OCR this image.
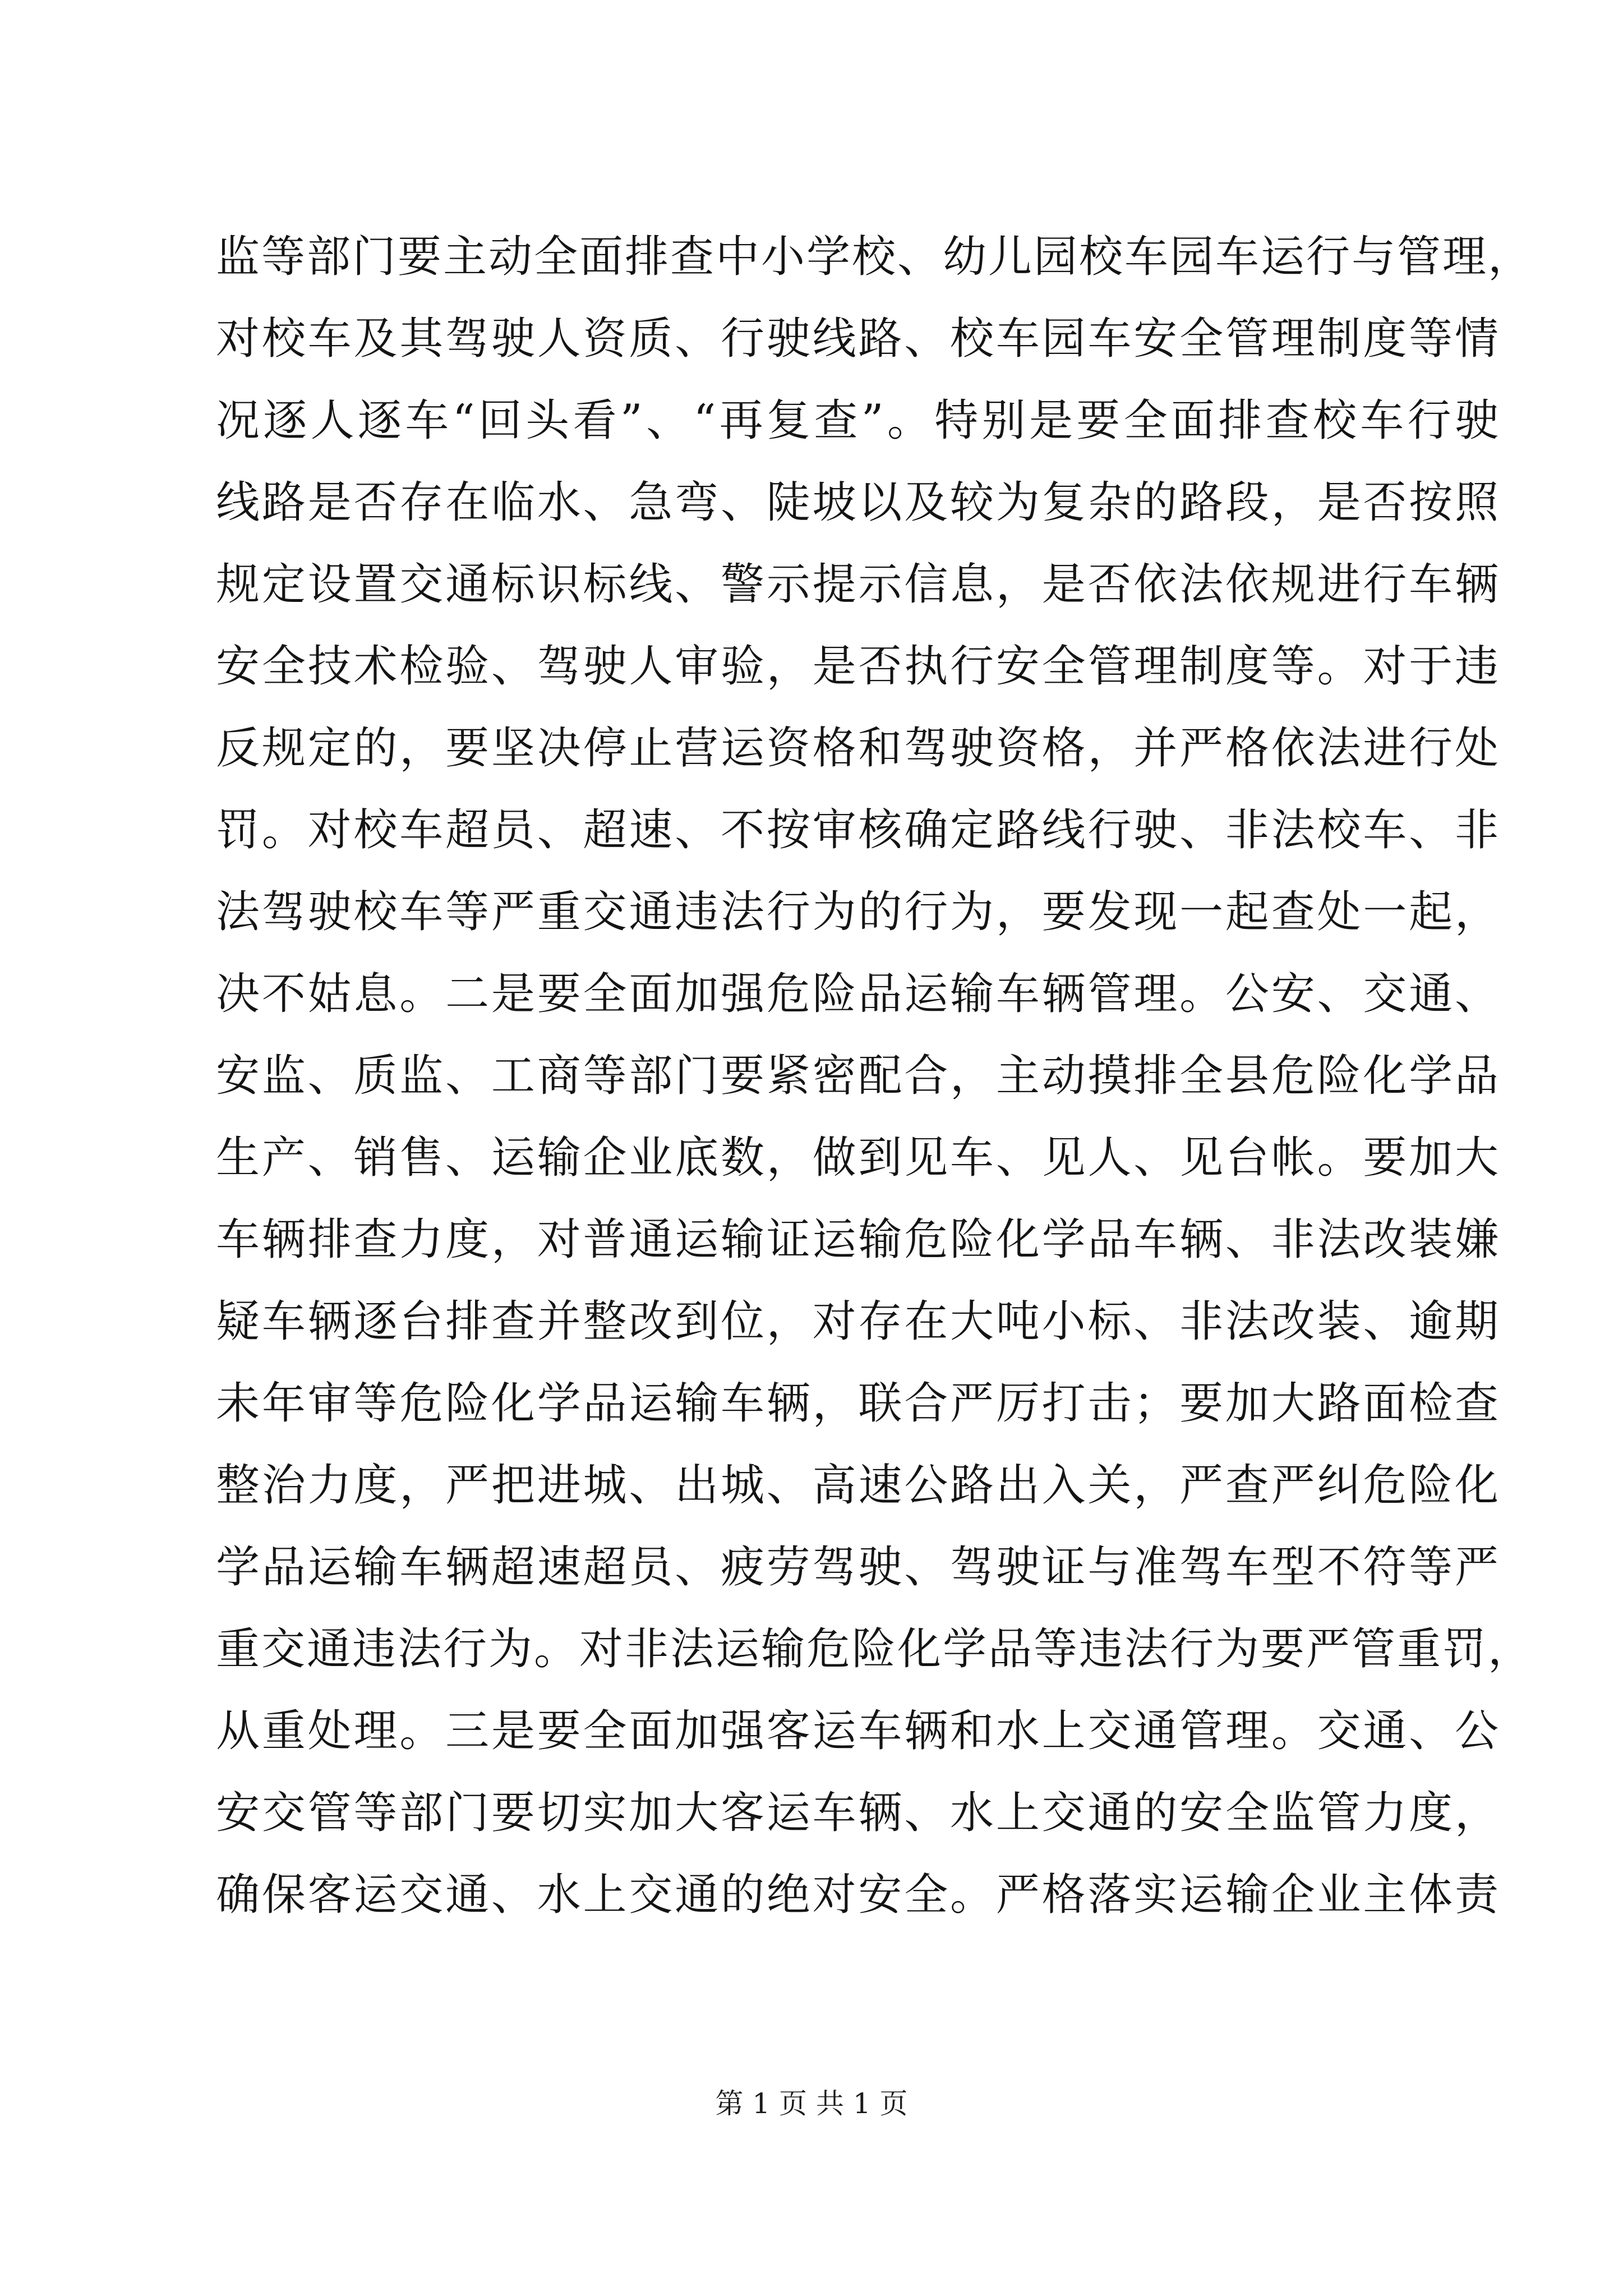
监等部门要主动全面排查中小学校、幼儿园校车园车运行与管理，
对校车及其驾驶人资质、行驶线路、校车园车安全管理制度等情
况逐人逐车“回头看”、“再复查”。特别是要全面排查校车行驶
线路是否存在临水、急弯、陡坡以及较为复杂的路段，是否按照
规定设置交通标识标线、警示提示信息，是否依法依规进行车辆
安全技术检验、驾驶人审验，是否执行安全管理制度等。对于违
反规定的，要坚决停止营运资格和驾驶资格，并严格依法进行处
罚。对校车超员、超速、不按审核确定路线行驶、非法校车、非
法驾驶校车等严重交通违法行为的行为，要发现一起查处一起，
决不姑息。二是要全面加强危险品运输车辆管理。公安、交通、
安监、质监、工商等部门要紧密配合，主动摸排全县危险化学品
生产、销售、运输企业底数，做到见车、见人、见台帐。要加大
车辆排查力度，对普通运输证运输危险化学品车辆、非法改装嫌
疑车辆逐台排查并整改到位，对存在大吨小标、非法改装、逾期
未年审等危险化学品运输车辆，联合严厉打击；要加大路面检查
整治力度，严把进城、出城、高速公路出入关，严查严纠危险化
学品运输车辆超速超员、疲劳驾驶、驾驶证与准驾车型不符等严
重交通违法行为。对非法运输危险化学品等违法行为要严管重罚，
从重处理。三是要全面加强客运车辆和水上交通管理。交通、公
安交管等部门要切实加大客运车辆、水上交通的安全监管力度，
确保客运交通、水上交通的绝对安全。严格落实运输企业主体责
第 1 页 共 1 页
